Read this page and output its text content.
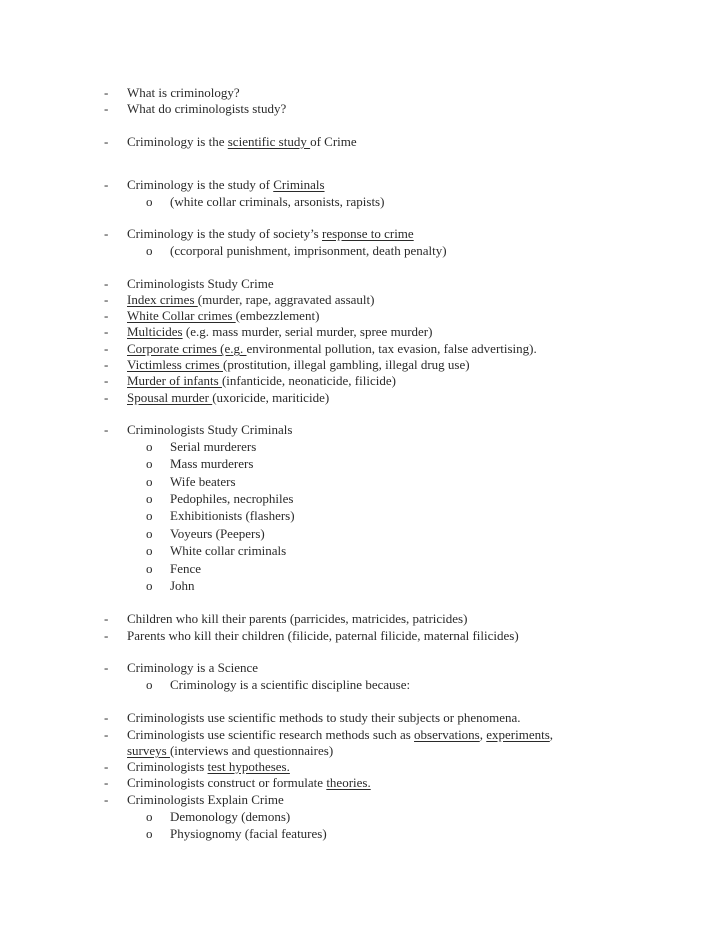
- What is criminology?
- What do criminologists study?
- Criminology is the scientific study of Crime
- Criminology is the study of Criminals
o (white collar criminals, arsonists, rapists)
- Criminology is the study of society’s response to crime
o (ccorporal punishment, imprisonment, death penalty)
- Criminologists Study Crime
- Index crimes (murder, rape, aggravated assault)
- White Collar crimes (embezzlement)
- Multicides (e.g. mass murder, serial murder, spree murder)
- Corporate crimes (e.g. environmental pollution, tax evasion, false advertising).
- Victimless crimes (prostitution, illegal gambling, illegal drug use)
- Murder of infants (infanticide, neonaticide, filicide)
- Spousal murder (uxoricide, mariticide)
- Criminologists Study Criminals
o Serial murderers
o Mass murderers
o Wife beaters
o Pedophiles, necrophiles
o Exhibitionists (flashers)
o Voyeurs (Peepers)
o White collar criminals
o Fence
o John
- Children who kill their parents (parricides, matricides, patricides)
- Parents who kill their children (filicide, paternal filicide, maternal filicides)
- Criminology is a Science
o Criminology is a scientific discipline because:
- Criminologists use scientific methods to study their subjects or phenomena.
- Criminologists use scientific research methods such as observations, experiments,
surveys (interviews and questionnaires)
- Criminologists test hypotheses.
- Criminologists construct or formulate theories.
- Criminologists Explain Crime
o Demonology (demons)
o Physiognomy (facial features)
